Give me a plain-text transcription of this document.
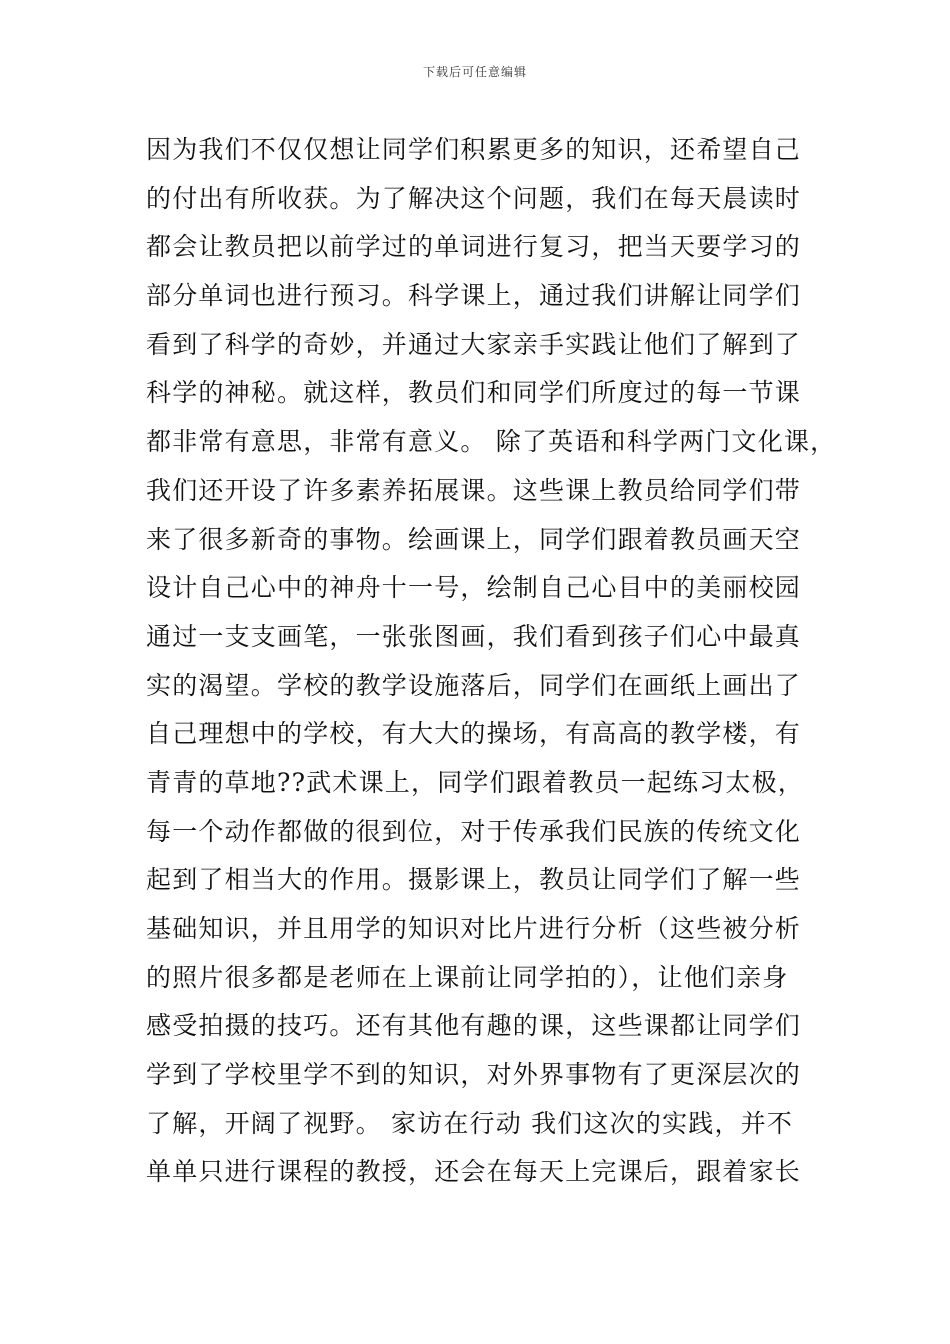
下载后可任意编辑
因为我们不仅仅想让同学们积累更多的知识，还希望自己
的付出有所收获。为了解决这个问题，我们在每天晨读时
都会让教员把以前学过的单词进行复习，把当天要学习的
部分单词也进行预习。科学课上，通过我们讲解让同学们
看到了科学的奇妙，并通过大家亲手实践让他们了解到了
科学的神秘。就这样，教员们和同学们所度过的每一节课
都非常有意思，非常有意义。 除了英语和科学两门文化课，
我们还开设了许多素养拓展课。这些课上教员给同学们带
来了很多新奇的事物。绘画课上，同学们跟着教员画天空
设计自己心中的神舟十一号，绘制自己心目中的美丽校园
通过一支支画笔，一张张图画，我们看到孩子们心中最真
实的渴望。学校的教学设施落后，同学们在画纸上画出了
自己理想中的学校，有大大的操场，有高高的教学楼，有
青青的草地??武术课上，同学们跟着教员一起练习太极，
每一个动作都做的很到位，对于传承我们民族的传统文化
起到了相当大的作用。摄影课上，教员让同学们了解一些
基础知识，并且用学的知识对比片进行分析（这些被分析
的照片很多都是老师在上课前让同学拍的），让他们亲身
感受拍摄的技巧。还有其他有趣的课，这些课都让同学们
学到了学校里学不到的知识，对外界事物有了更深层次的
了解，开阔了视野。 家访在行动 我们这次的实践，并不
单单只进行课程的教授，还会在每天上完课后，跟着家长
